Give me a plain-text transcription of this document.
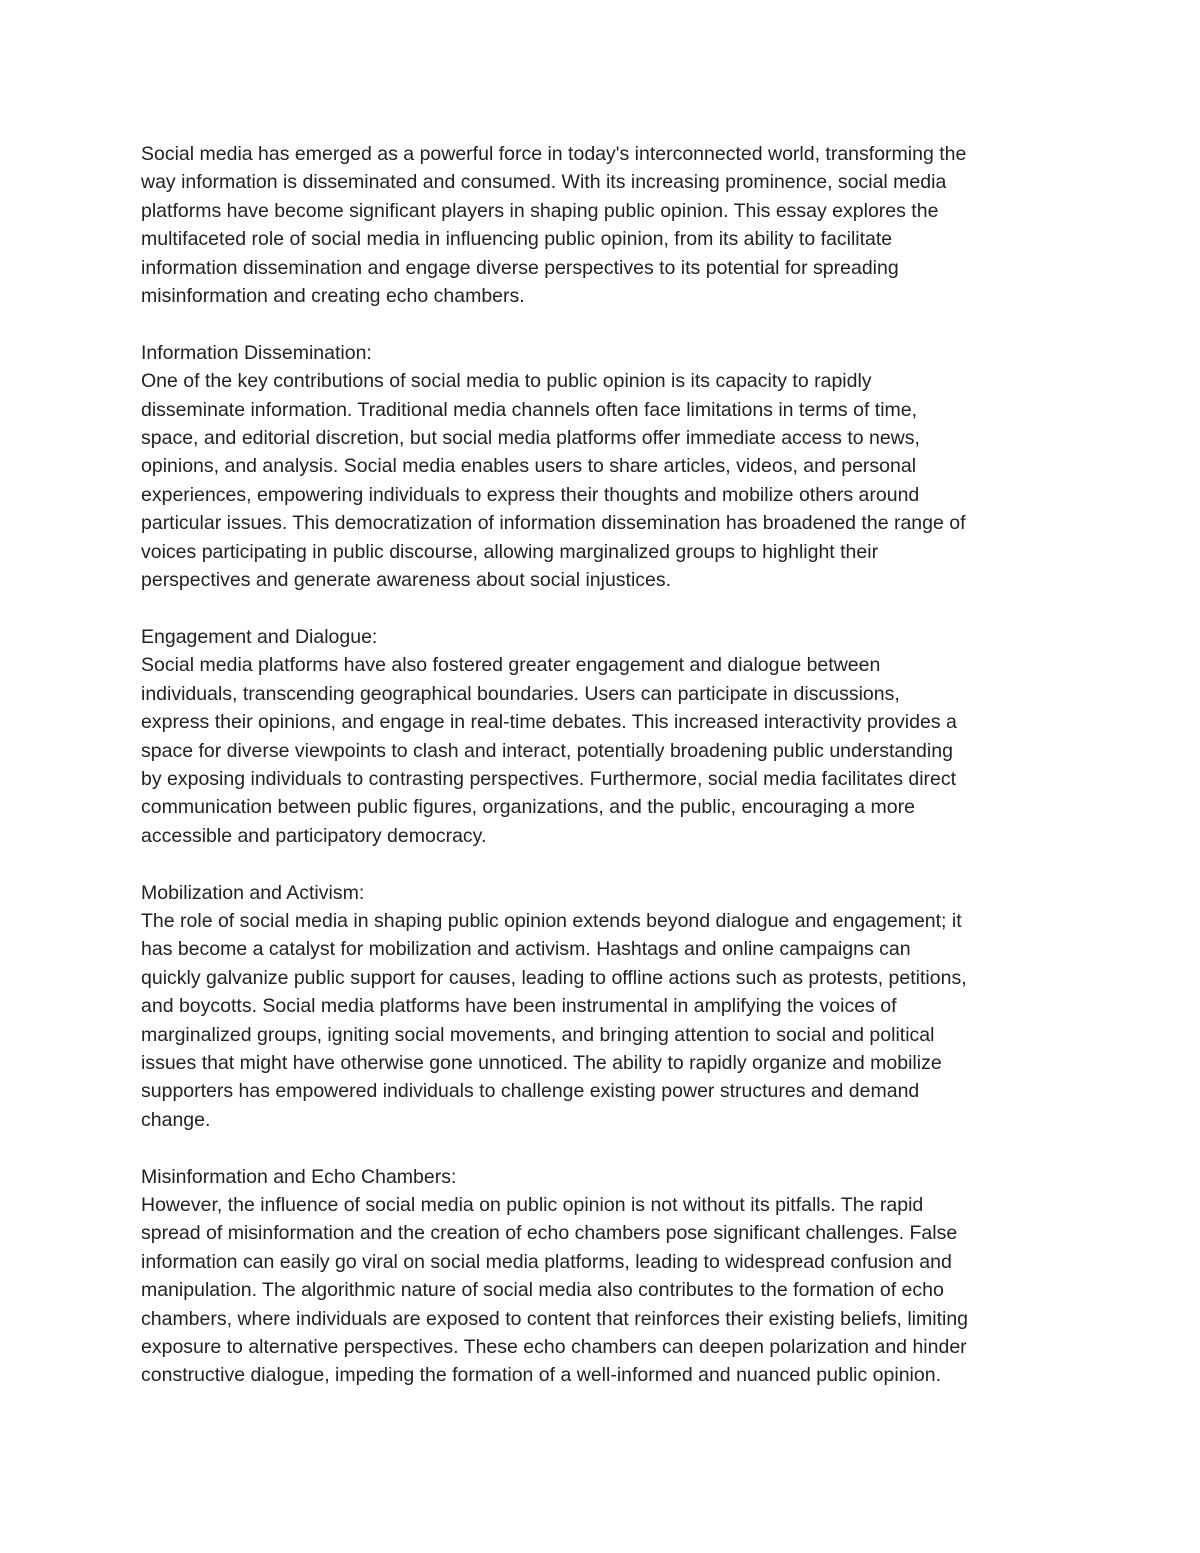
Social media has emerged as a powerful force in today's interconnected world, transforming the
way information is disseminated and consumed. With its increasing prominence, social media
platforms have become significant players in shaping public opinion. This essay explores the
multifaceted role of social media in influencing public opinion, from its ability to facilitate
information dissemination and engage diverse perspectives to its potential for spreading
misinformation and creating echo chambers.

Information Dissemination:
One of the key contributions of social media to public opinion is its capacity to rapidly
disseminate information. Traditional media channels often face limitations in terms of time,
space, and editorial discretion, but social media platforms offer immediate access to news,
opinions, and analysis. Social media enables users to share articles, videos, and personal
experiences, empowering individuals to express their thoughts and mobilize others around
particular issues. This democratization of information dissemination has broadened the range of
voices participating in public discourse, allowing marginalized groups to highlight their
perspectives and generate awareness about social injustices.

Engagement and Dialogue:
Social media platforms have also fostered greater engagement and dialogue between
individuals, transcending geographical boundaries. Users can participate in discussions,
express their opinions, and engage in real-time debates. This increased interactivity provides a
space for diverse viewpoints to clash and interact, potentially broadening public understanding
by exposing individuals to contrasting perspectives. Furthermore, social media facilitates direct
communication between public figures, organizations, and the public, encouraging a more
accessible and participatory democracy.

Mobilization and Activism:
The role of social media in shaping public opinion extends beyond dialogue and engagement; it
has become a catalyst for mobilization and activism. Hashtags and online campaigns can
quickly galvanize public support for causes, leading to offline actions such as protests, petitions,
and boycotts. Social media platforms have been instrumental in amplifying the voices of
marginalized groups, igniting social movements, and bringing attention to social and political
issues that might have otherwise gone unnoticed. The ability to rapidly organize and mobilize
supporters has empowered individuals to challenge existing power structures and demand
change.

Misinformation and Echo Chambers:
However, the influence of social media on public opinion is not without its pitfalls. The rapid
spread of misinformation and the creation of echo chambers pose significant challenges. False
information can easily go viral on social media platforms, leading to widespread confusion and
manipulation. The algorithmic nature of social media also contributes to the formation of echo
chambers, where individuals are exposed to content that reinforces their existing beliefs, limiting
exposure to alternative perspectives. These echo chambers can deepen polarization and hinder
constructive dialogue, impeding the formation of a well-informed and nuanced public opinion.
